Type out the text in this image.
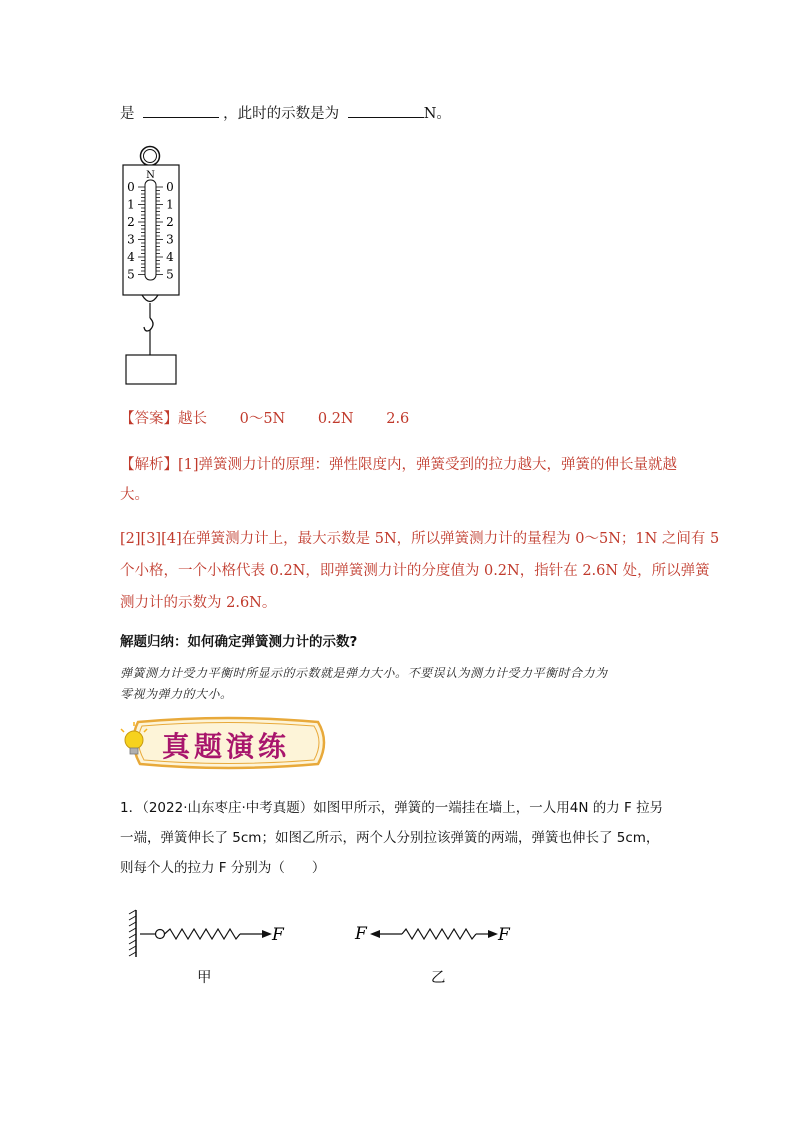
是	，此时的示数是为	N。
N
0
1
2
3
4
5
0
1
2
3
4
5
【答案】越长 0～5N 0.2N 2.6
【解析】[1]弹簧测力计的原理：弹性限度内，弹簧受到的拉力越大，弹簧的伸长量就越
大。
[2][3][4]在弹簧测力计上，最大示数是 5N，所以弹簧测力计的量程为 0～5N；1N 之间有 5
个小格，一个小格代表 0.2N，即弹簧测力计的分度值为 0.2N，指针在 2.6N 处，所以弹簧
测力计的示数为 2.6N。
解题归纳：如何确定弹簧测力计的示数?
弹簧测力计受力平衡时所显示的示数就是弹力大小。不要误认为测力计受力平衡时合力为
零视为弹力的大小。
真题演练
1．（2022·山东枣庄·中考真题）如图甲所示，弹簧的一端挂在墙上，一人用4N 的力 F 拉另
一端，弹簧伸长了 5cm；如图乙所示，两个人分别拉该弹簧的两端，弹簧也伸长了 5cm，
则每个人的拉力 F 分别为（　　）
F
甲
F	F
乙
